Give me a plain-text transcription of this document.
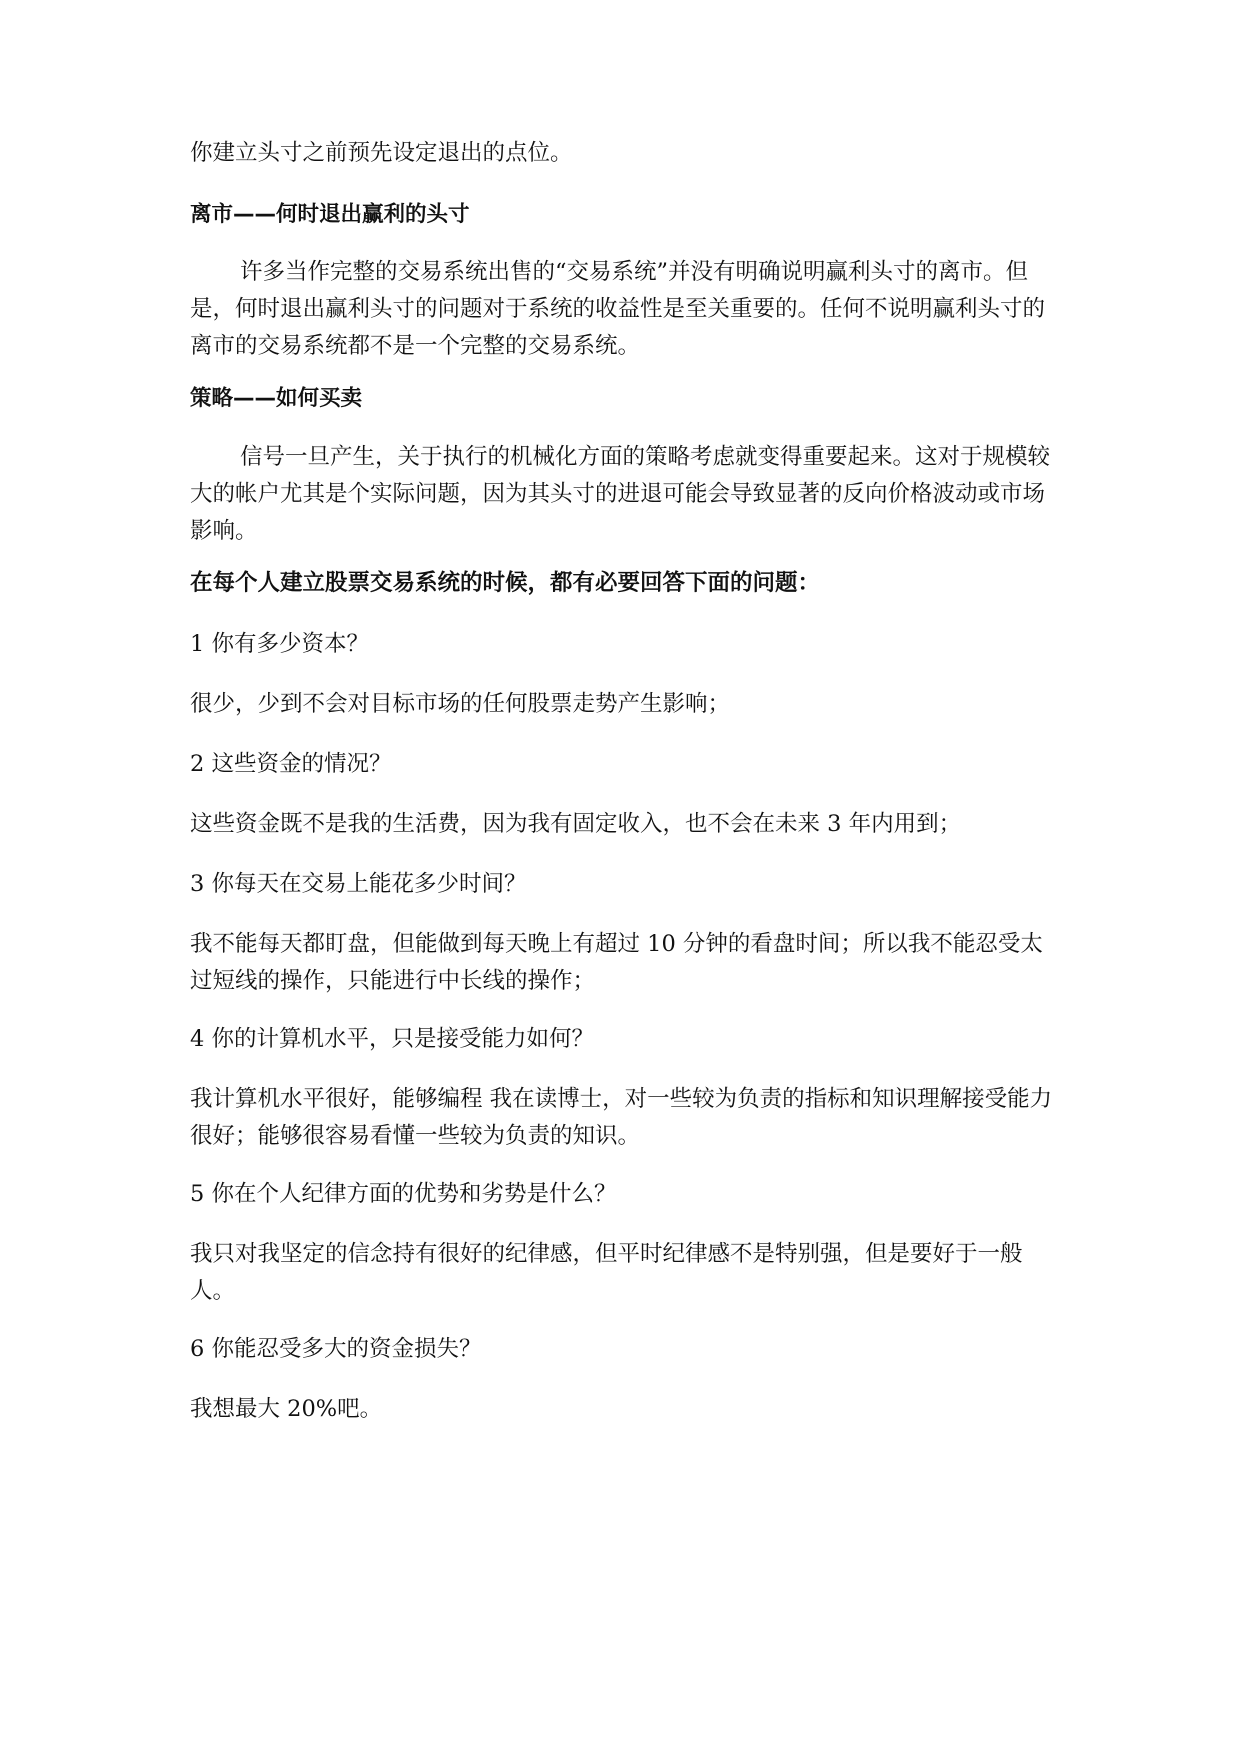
你建立头寸之前预先设定退出的点位。

离市——何时退出赢利的头寸

许多当作完整的交易系统出售的“交易系统”并没有明确说明赢利头寸的离市。但是，何时退出赢利头寸的问题对于系统的收益性是至关重要的。任何不说明赢利头寸的离市的交易系统都不是一个完整的交易系统。

策略——如何买卖

信号一旦产生，关于执行的机械化方面的策略考虑就变得重要起来。这对于规模较大的帐户尤其是个实际问题，因为其头寸的进退可能会导致显著的反向价格波动或市场影响。

在每个人建立股票交易系统的时候，都有必要回答下面的问题：

1 你有多少资本？

很少，少到不会对目标市场的任何股票走势产生影响；

2 这些资金的情况？

这些资金既不是我的生活费，因为我有固定收入，也不会在未来 3 年内用到；

3 你每天在交易上能花多少时间？

我不能每天都盯盘，但能做到每天晚上有超过 10 分钟的看盘时间；所以我不能忍受太过短线的操作，只能进行中长线的操作；

4 你的计算机水平，只是接受能力如何？

我计算机水平很好，能够编程 我在读博士，对一些较为负责的指标和知识理解接受能力很好；能够很容易看懂一些较为负责的知识。

5 你在个人纪律方面的优势和劣势是什么？

我只对我坚定的信念持有很好的纪律感，但平时纪律感不是特别强，但是要好于一般人。

6 你能忍受多大的资金损失？

我想最大 20%吧。
